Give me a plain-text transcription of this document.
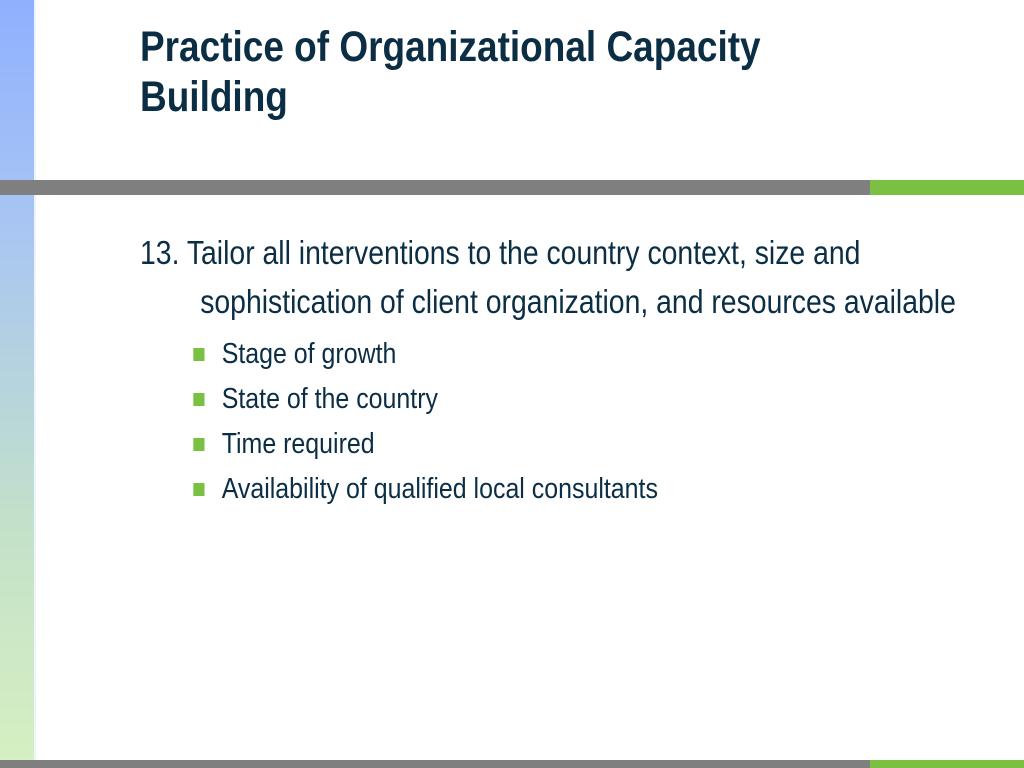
Practice of Organizational Capacity
Building

13. Tailor all interventions to the country context, size and sophistication of client organization, and resources available

Stage of growth
State of the country
Time required
Availability of qualified local consultants
